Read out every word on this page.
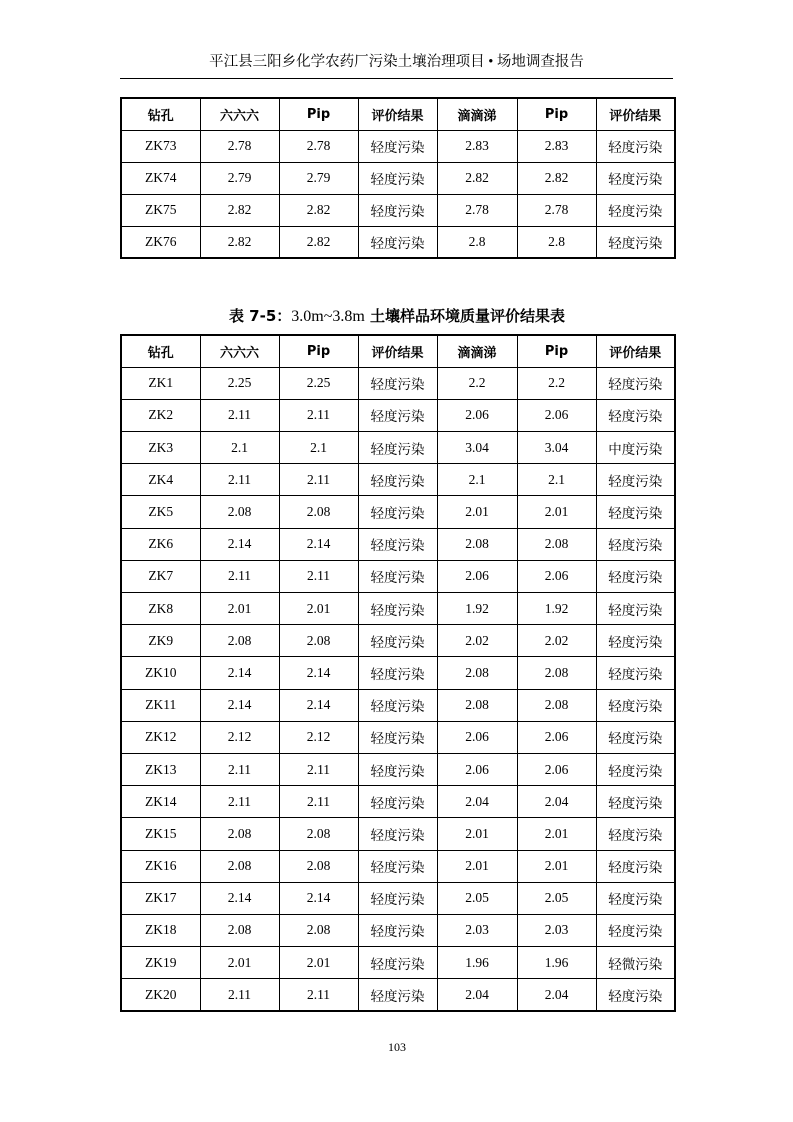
平江县三阳乡化学农药厂污染土壤治理项目 • 场地调查报告
钻孔	六六六	Pip	评价结果	滴滴涕	Pip	评价结果
ZK73	2.78	2.78	轻度污染	2.83	2.83	轻度污染
ZK74	2.79	2.79	轻度污染	2.82	2.82	轻度污染
ZK75	2.82	2.82	轻度污染	2.78	2.78	轻度污染
ZK76	2.82	2.82	轻度污染	2.8	2.8	轻度污染
表 7-5：3.0m~3.8m 土壤样品环境质量评价结果表
钻孔	六六六	Pip	评价结果	滴滴涕	Pip	评价结果
ZK1	2.25	2.25	轻度污染	2.2	2.2	轻度污染
ZK2	2.11	2.11	轻度污染	2.06	2.06	轻度污染
ZK3	2.1	2.1	轻度污染	3.04	3.04	中度污染
ZK4	2.11	2.11	轻度污染	2.1	2.1	轻度污染
ZK5	2.08	2.08	轻度污染	2.01	2.01	轻度污染
ZK6	2.14	2.14	轻度污染	2.08	2.08	轻度污染
ZK7	2.11	2.11	轻度污染	2.06	2.06	轻度污染
ZK8	2.01	2.01	轻度污染	1.92	1.92	轻度污染
ZK9	2.08	2.08	轻度污染	2.02	2.02	轻度污染
ZK10	2.14	2.14	轻度污染	2.08	2.08	轻度污染
ZK11	2.14	2.14	轻度污染	2.08	2.08	轻度污染
ZK12	2.12	2.12	轻度污染	2.06	2.06	轻度污染
ZK13	2.11	2.11	轻度污染	2.06	2.06	轻度污染
ZK14	2.11	2.11	轻度污染	2.04	2.04	轻度污染
ZK15	2.08	2.08	轻度污染	2.01	2.01	轻度污染
ZK16	2.08	2.08	轻度污染	2.01	2.01	轻度污染
ZK17	2.14	2.14	轻度污染	2.05	2.05	轻度污染
ZK18	2.08	2.08	轻度污染	2.03	2.03	轻度污染
ZK19	2.01	2.01	轻度污染	1.96	1.96	轻微污染
ZK20	2.11	2.11	轻度污染	2.04	2.04	轻度污染
103
